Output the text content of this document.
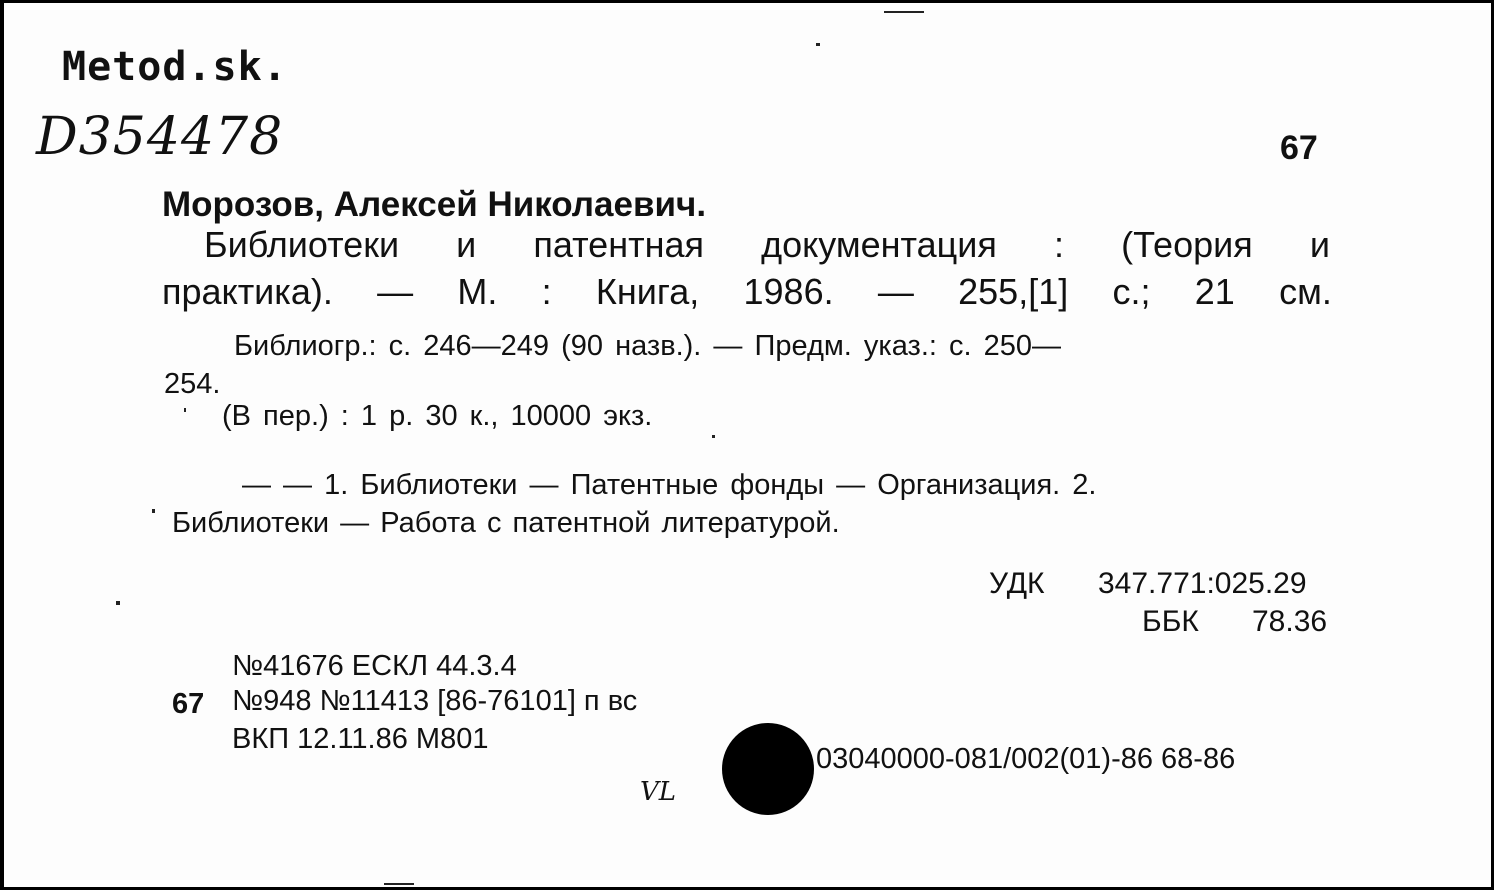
Metod.sk.
D354478	67
Морозов, Алексей Николаевич.
Библиотеки и патентная документация : (Теория и
практика). — М. : Книга, 1986. — 255,[1] с.; 21 см.
Библиогр.: с. 246—249 (90 назв.). — Предм. указ.: с. 250—
254.
(В пер.) : 1 р. 30 к., 10000 экз.
— — 1. Библиотеки — Патентные фонды — Организация. 2.
Библиотеки — Работа с патентной литературой.
УДК 347.771:025.29
ББК 78.36
№41676 ЕСКЛ 44.3.4
67 №948 №11413 [86-76101] п вс
ВКП 12.11.86 М801
VL
03040000-081/002(01)-86 68-86
